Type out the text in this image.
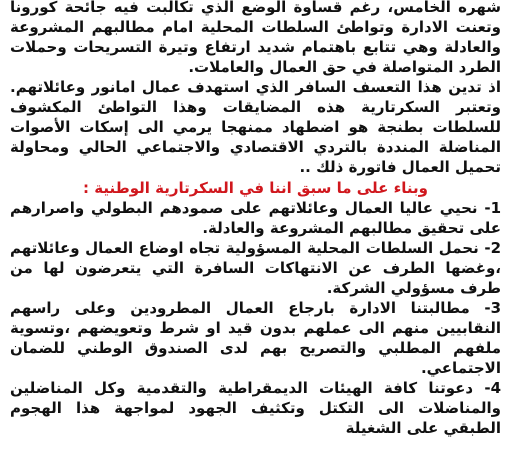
شهره الخامس، رغم قساوة الوضع الذي تكالبت فيه جائحة كورونا وتعنت الادارة وتواطئ السلطات المحلية امام مطالبهم المشروعة والعادلة وهي تتابع باهتمام شديد ارتفاع وتيرة التسريحات وحملات الطرد المتواصلة في حق العمال والعاملات.

اذ تدين هذا التعسف السافر الذي استهدف عمال امانور وعائلاتهم. وتعتبر السكرتارية هذه المضايقات وهذا التواطئ المكشوف للسلطات بطنجة هو اضطهاد ممنهجا يرمي الى إسكات الأصوات المناضلة المنددة بالتردي الاقتصادي والاجتماعي الحالي ومحاولة تحميل العمال فاتورة ذلك ..

وبناء على ما سبق اننا في السكرتارية الوطنية :

1- نحيي عاليا العمال وعائلاتهم على صمودهم البطولي واصرارهم على تحقيق مطالبهم المشروعة والعادلة.

2- نحمل السلطات المحلية المسؤولية تجاه اوضاع العمال وعائلاتهم ،وغضها الطرف عن الانتهاكات السافرة التي يتعرضون لها من طرف مسؤولي الشركة.

3- مطالبتنا الادارة بارجاع العمال المطرودين وعلى راسهم النقابيين منهم الى عملهم بدون قيد او شرط وتعويضهم ،وتسوية ملفهم المطلبي والتصريح بهم لدى الصندوق الوطني للضمان الاجتماعي.

4- دعوتنا كافة الهيئات الديمقراطية والتقدمية وكل المناضلين والمناضلات الى التكتل وتكثيف الجهود لمواجهة هذا الهجوم الطبقي على الشغيلة
